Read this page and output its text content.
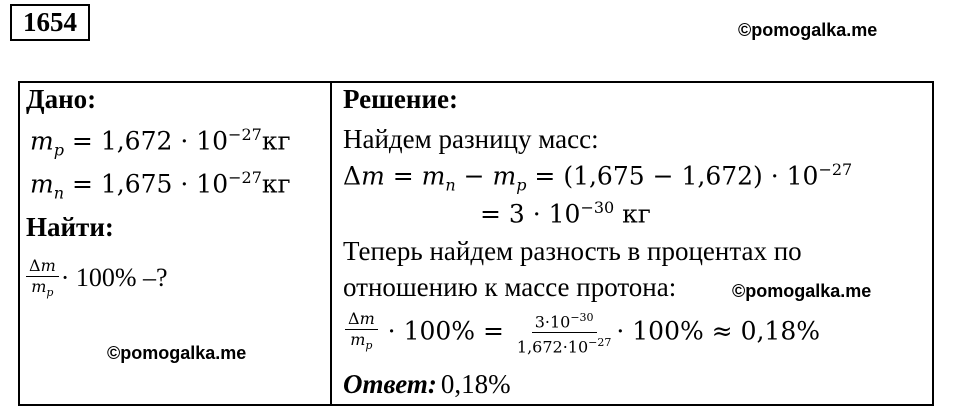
1654	©pomogalka.me
Дано:
$m_p = 1,672 \cdot 10^{-27}кг$
$m_n = 1,675 \cdot 10^{-27}кг$
Найти:
$\frac{\Delta m}{m_p} \cdot 100\%$ –?
©pomogalka.me
Решение:
Найдем разницу масс:
$\Delta m = m_n - m_p = (1,675 - 1,672) \cdot 10^{-27}$
= $3 \cdot 10^{-30}$ кг
Теперь найдем разность в процентах по
отношению к массе протона:	©pomogalka.me
$\frac{\Delta m}{m_p} \cdot 100\% = \frac{3\cdot 10^{-30}}{1,672\cdot 10^{-27}} \cdot 100\% \approx 0,18\%$
Ответ: 0,18%
